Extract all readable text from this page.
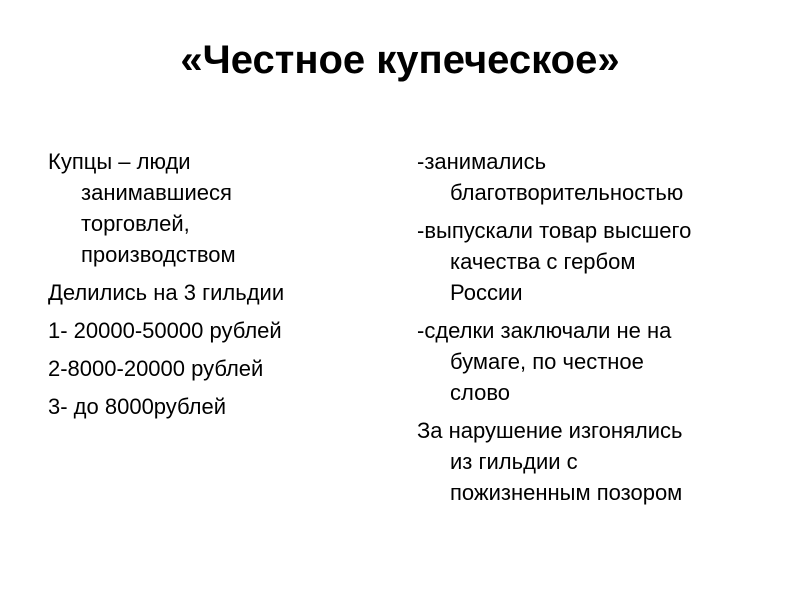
«Честное купеческое»
Купцы – люди
занимавшиеся
торговлей,
производством
Делились на 3 гильдии
1- 20000-50000 рублей
2-8000-20000 рублей
3- до 8000рублей
-занимались
благотворительностью
-выпускали товар высшего
качества с гербом
России
-сделки заключали не на
бумаге, по честное
слово
За нарушение изгонялись
из гильдии с
пожизненным позором
